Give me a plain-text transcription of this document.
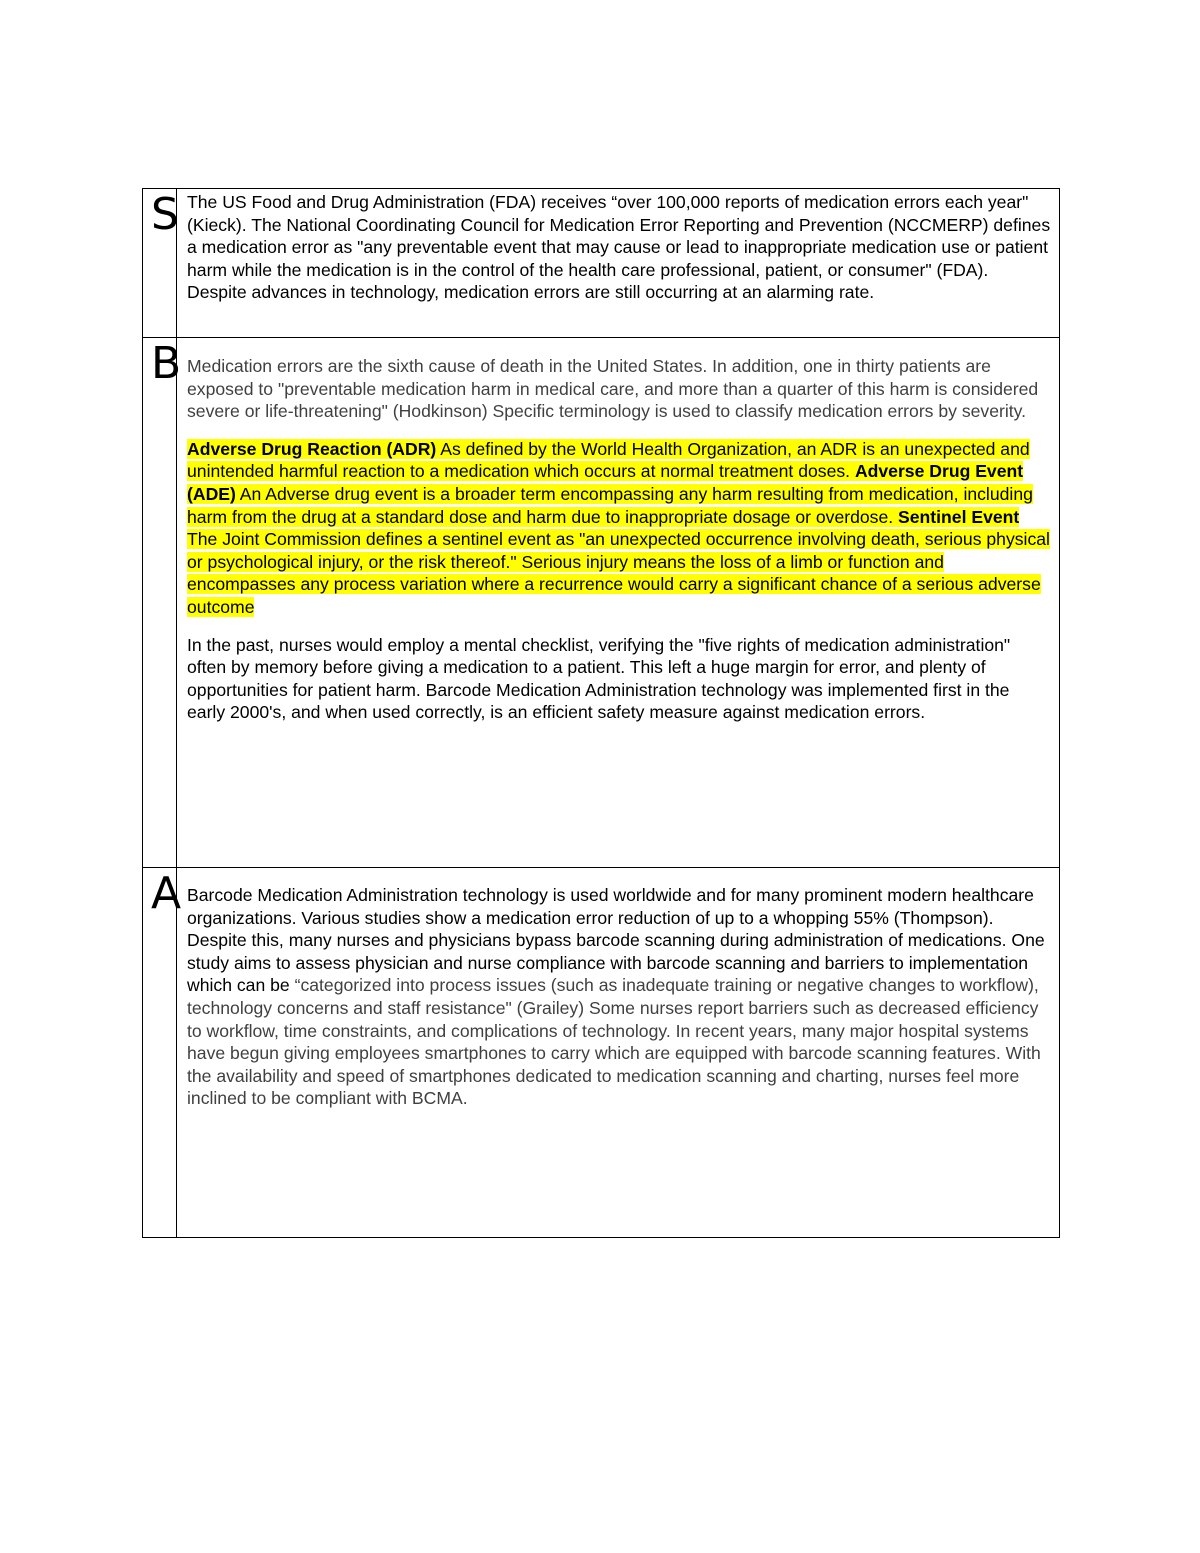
S	The US Food and Drug Administration (FDA) receives “over 100,000 reports of medication errors each year" (Kieck). The National Coordinating Council for Medication Error Reporting and Prevention (NCCMERP) defines a medication error as "any preventable event that may cause or lead to inappropriate medication use or patient harm while the medication is in the control of the health care professional, patient, or consumer" (FDA). Despite advances in technology, medication errors are still occurring at an alarming rate.

B	Medication errors are the sixth cause of death in the United States. In addition, one in thirty patients are exposed to "preventable medication harm in medical care, and more than a quarter of this harm is considered severe or life-threatening" (Hodkinson) Specific terminology is used to classify medication errors by severity.

Adverse Drug Reaction (ADR) As defined by the World Health Organization, an ADR is an unexpected and unintended harmful reaction to a medication which occurs at normal treatment doses. Adverse Drug Event (ADE) An Adverse drug event is a broader term encompassing any harm resulting from medication, including harm from the drug at a standard dose and harm due to inappropriate dosage or overdose. Sentinel Event The Joint Commission defines a sentinel event as "an unexpected occurrence involving death, serious physical or psychological injury, or the risk thereof." Serious injury means the loss of a limb or function and encompasses any process variation where a recurrence would carry a significant chance of a serious adverse outcome

In the past, nurses would employ a mental checklist, verifying the "five rights of medication administration" often by memory before giving a medication to a patient. This left a huge margin for error, and plenty of opportunities for patient harm. Barcode Medication Administration technology was implemented first in the early 2000's, and when used correctly, is an efficient safety measure against medication errors.

A	Barcode Medication Administration technology is used worldwide and for many prominent modern healthcare organizations. Various studies show a medication error reduction of up to a whopping 55% (Thompson). Despite this, many nurses and physicians bypass barcode scanning during administration of medications. One study aims to assess physician and nurse compliance with barcode scanning and barriers to implementation which can be “categorized into process issues (such as inadequate training or negative changes to workflow), technology concerns and staff resistance" (Grailey) Some nurses report barriers such as decreased efficiency to workflow, time constraints, and complications of technology. In recent years, many major hospital systems have begun giving employees smartphones to carry which are equipped with barcode scanning features. With the availability and speed of smartphones dedicated to medication scanning and charting, nurses feel more inclined to be compliant with BCMA.
